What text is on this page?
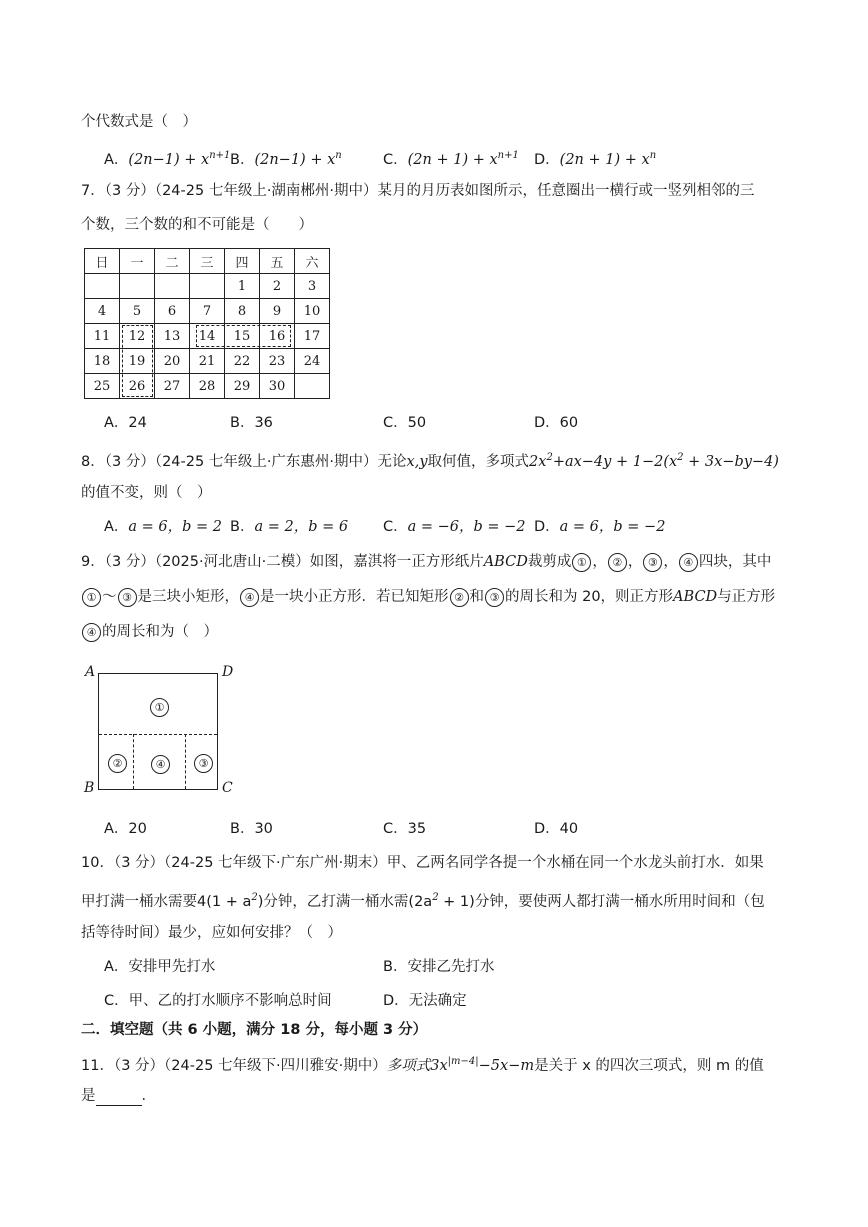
个代数式是（　）
A．$(2n-1) + x^{n+1}$ B．$(2n-1) + x^n$	C．$(2n + 1) + x^{n+1}$ D．$(2n + 1) + x^n$
7．（3 分）（24-25 七年级上·湖南郴州·期中）某月的月历表如图所示，任意圈出一横行或一竖列相邻的三
个数，三个数的和不可能是（　　）
日	一	二	三	四	五	六
				1	2	3
4	5	6	7	8	9	10
11	12	13	14	15	16	17
18	19	20	21	22	23	24
25	26	27	28	29	30	
A．24	B．36	C．50	D．60
8．（3 分）（24-25 七年级上·广东惠州·期中）无论x,y取何值，多项式$2x^2+ax-4y + 1-2(x^2 + 3x-by-4)$
的值不变，则（　）
A．a = 6，b = 2 B．a = 2，b = 6 C．a = −6，b = −2 D．a = 6，b = −2
9．（3 分）（2025·河北唐山·二模）如图，嘉淇将一正方形纸片ABCD裁剪成 ① ， ② ， ③ ， ④ 四块，其中
① ～ ③ 是三块小矩形， ④ 是一块小正方形．若已知矩形 ② 和 ③ 的周长和为 20，则正方形ABCD与正方形
④ 的周长和为（　）
A	D
B	C
①
②	④	③
A．20	B．30	C．35	D．40
10．（3 分）（24-25 七年级下·广东广州·期末）甲、乙两名同学各提一个水桶在同一个水龙头前打水．如果
甲打满一桶水需要$4(1 + a^2)$分钟，乙打满一桶水需$(2a^2 + 1)$分钟，要使两人都打满一桶水所用时间和（包
括等待时间）最少，应如何安排？（　）
A．安排甲先打水	B．安排乙先打水
C．甲、乙的打水顺序不影响总时间	D．无法确定
二．填空题（共 6 小题，满分 18 分，每小题 3 分）
11．（3 分）（24-25 七年级下·四川雅安·期中）多项式$3x^{|m-4|}-5x-m$是关于 x 的四次三项式，则 m 的值
是	．
